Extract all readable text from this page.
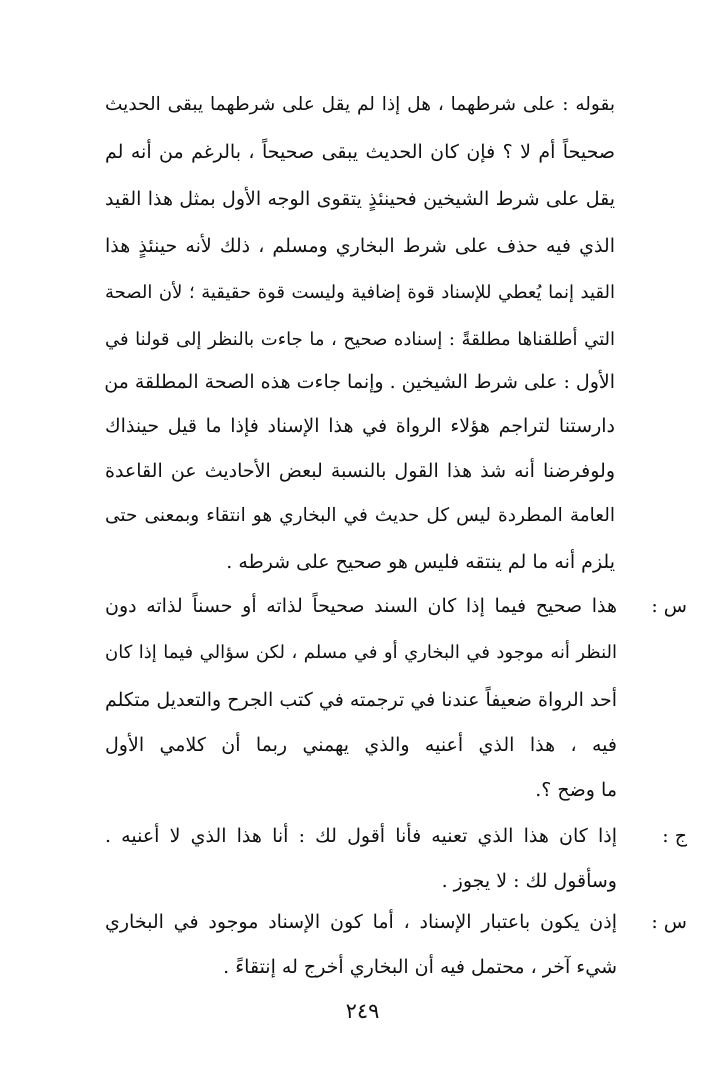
بقوله : على شرطهما ، هل إذا لم يقل على شرطهما يبقى الحديث
صحيحاً أم لا ؟ فإن كان الحديث يبقى صحيحاً ، بالرغم من أنه لم
يقل على شرط الشيخين فحينئذٍ يتقوى الوجه الأول بمثل هذا القيد
الذي فيه حذف على شرط البخاري ومسلم ، ذلك لأنه حينئذٍ هذا
القيد إنما يُعطي للإسناد قوة إضافية وليست قوة حقيقية ؛ لأن الصحة
التي أطلقناها مطلقةً : إسناده صحيح ، ما جاءت بالنظر إلى قولنا في
الأول : على شرط الشيخين . وإنما جاءت هذه الصحة المطلقة من
دارستنا لتراجم هؤلاء الرواة في هذا الإسناد فإذا ما قيل حينذاك
ولوفرضنا أنه شذ هذا القول بالنسبة لبعض الأحاديث عن القاعدة
العامة المطردة ليس كل حديث في البخاري هو انتقاء وبمعنى حتى
يلزم أنه ما لم ينتقه فليس هو صحيح على شرطه .
س :
هذا صحيح فيما إذا كان السند صحيحاً لذاته أو حسناً لذاته دون
النظر أنه موجود في البخاري أو في مسلم ، لكن سؤالي فيما إذا كان
أحد الرواة ضعيفاً عندنا في ترجمته في كتب الجرح والتعديل متكلم
فيه ، هذا الذي أعنيه والذي يهمني ربما أن كلامي الأول
ما وضح ؟.
ج :
إذا كان هذا الذي تعنيه فأنا أقول لك : أنا هذا الذي لا أعنيه .
وسأقول لك : لا يجوز .
س :
إذن يكون باعتبار الإسناد ، أما كون الإسناد موجود في البخاري
شيء آخر ، محتمل فيه أن البخاري أخرج له إنتقاءً .
٢٤٩
